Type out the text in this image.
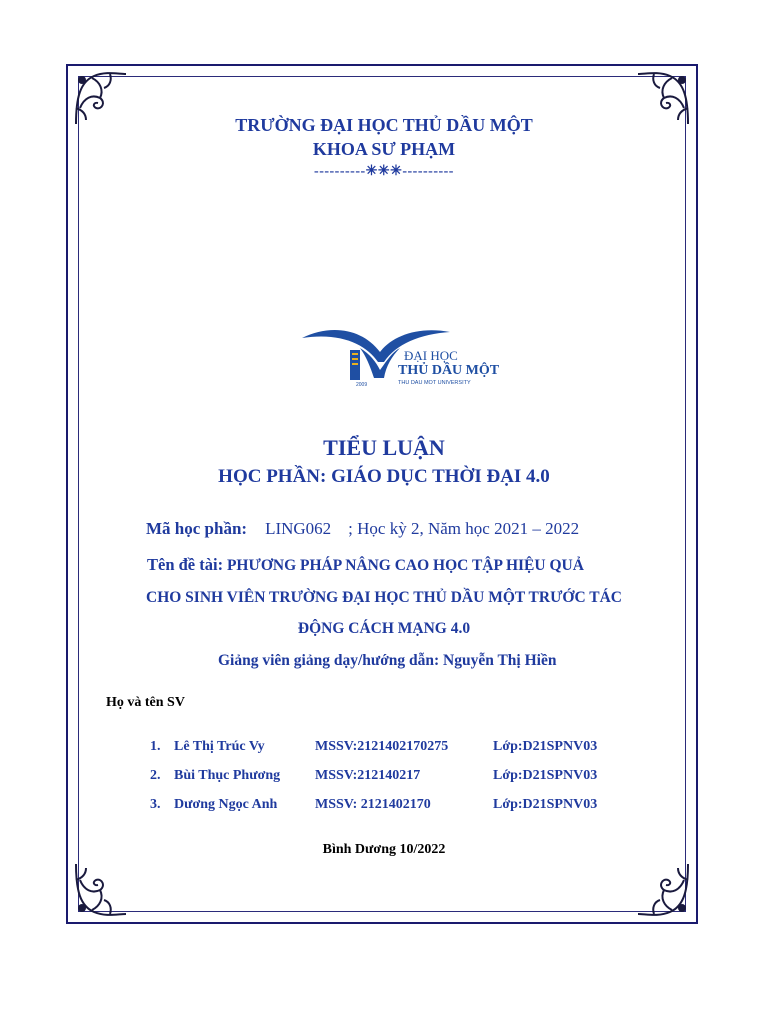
TRƯỜNG ĐẠI HỌC THỦ DẦU MỘT
KHOA SƯ PHẠM
----------✳✳✳----------
ĐẠI HỌC
THỦ DẦU MỘT
THU DAU MOT UNIVERSITY
2009
TIỂU LUẬN
HỌC PHẦN: GIÁO DỤC THỜI ĐẠI 4.0
Mã học phần: LING062    ; Học kỳ 2, Năm học 2021 – 2022
Tên đề tài: PHƯƠNG PHÁP NÂNG CAO HỌC TẬP HIỆU QUẢ
CHO SINH VIÊN TRƯỜNG ĐẠI HỌC THỦ DẦU MỘT TRƯỚC TÁC
ĐỘNG CÁCH MẠNG 4.0
Giảng viên giảng dạy/hướng dẫn: Nguyễn Thị Hiền
Họ và tên SV
1. Lê Thị Trúc Vy	MSSV:2121402170275	Lớp:D21SPNV03
2. Bùi Thục Phương MSSV:212140217	Lớp:D21SPNV03
3. Dương Ngọc Anh	MSSV: 2121402170	Lớp:D21SPNV03
Bình Dương 10/2022
